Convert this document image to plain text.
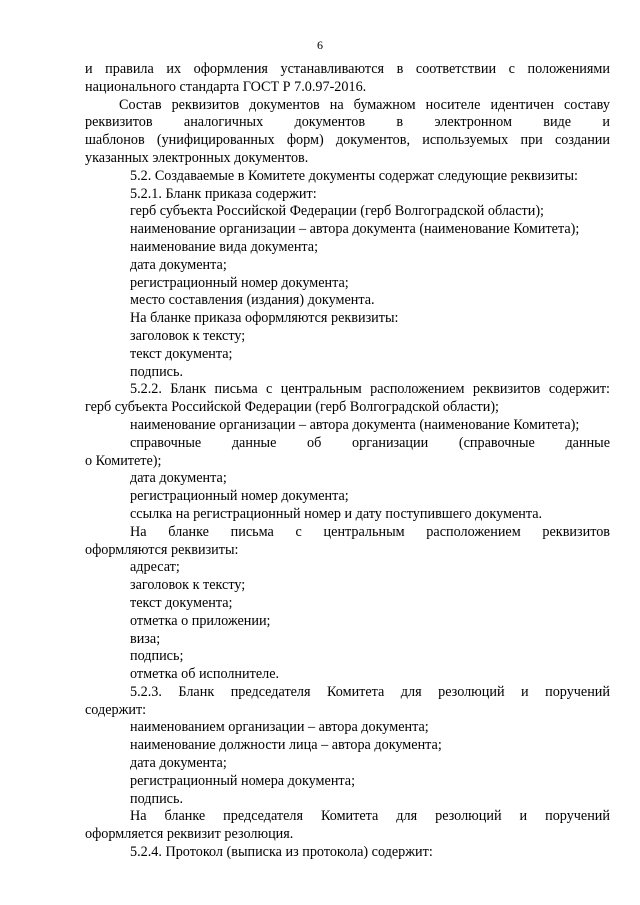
6

и правила их оформления устанавливаются в соответствии с положениями

национального стандарта ГОСТ Р 7.0.97-2016.

Состав реквизитов документов на бумажном носителе идентичен составу

реквизитов аналогичных документов в электронном виде и

шаблонов (унифицированных форм) документов, используемых при создании

указанных электронных документов.

5.2. Создаваемые в Комитете документы содержат следующие реквизиты:

5.2.1. Бланк приказа содержит:

герб субъекта Российской Федерации (герб Волгоградской области);

наименование организации – автора документа (наименование Комитета);

наименование вида документа;

дата документа;

регистрационный номер документа;

место составления (издания) документа.

На бланке приказа оформляются реквизиты:

заголовок к тексту;

текст документа;

подпись.

5.2.2. Бланк письма с центральным расположением реквизитов содержит:

герб субъекта Российской Федерации (герб Волгоградской области);

наименование организации – автора документа (наименование Комитета);

справочные данные об организации (справочные данные

о Комитете);

дата документа;

регистрационный номер документа;

ссылка на регистрационный номер и дату поступившего документа.

На бланке письма с центральным расположением реквизитов

оформляются реквизиты:

адресат;

заголовок к тексту;

текст документа;

отметка о приложении;

виза;

подпись;

отметка об исполнителе.

5.2.3. Бланк председателя Комитета для резолюций и поручений

содержит:

наименованием организации – автора документа;

наименование должности лица – автора документа;

дата документа;

регистрационный номера документа;

подпись.

На бланке председателя Комитета для резолюций и поручений

оформляется реквизит резолюция.

5.2.4. Протокол (выписка из протокола) содержит:
